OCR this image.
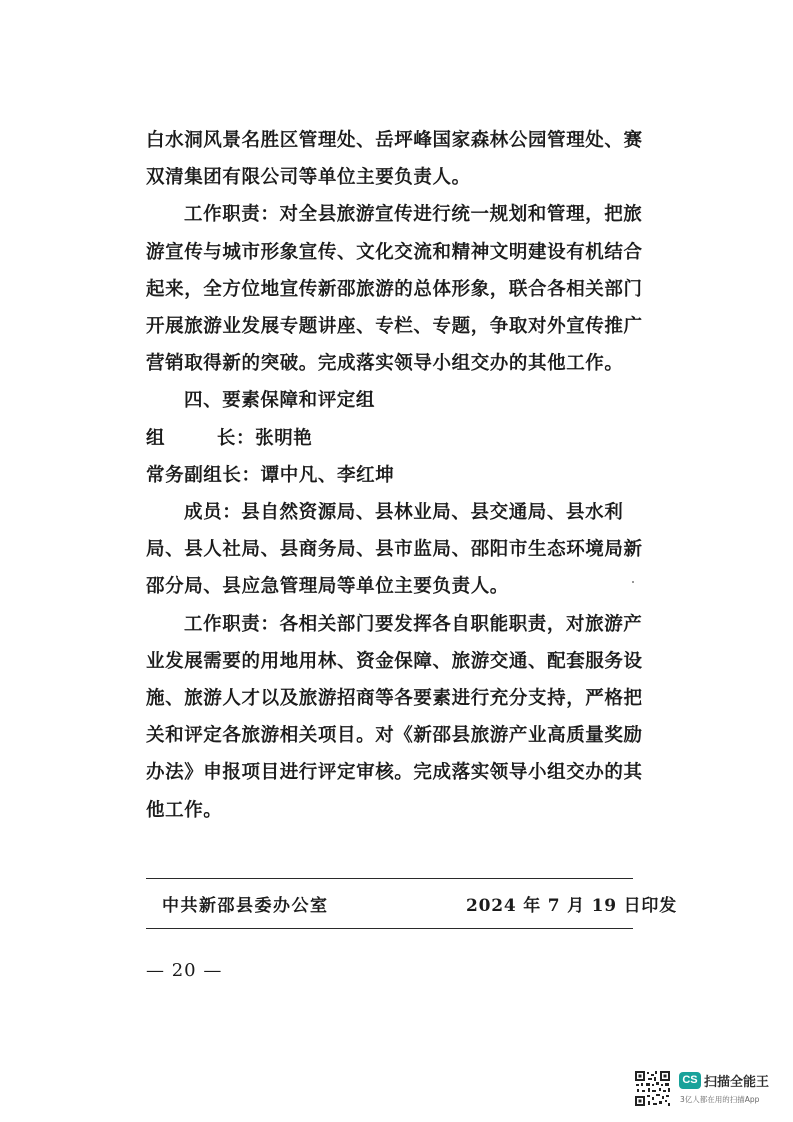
白水洞风景名胜区管理处、岳坪峰国家森林公园管理处、赛双清集团有限公司等单位主要负责人。

工作职责：对全县旅游宣传进行统一规划和管理，把旅游宣传与城市形象宣传、文化交流和精神文明建设有机结合起来，全方位地宣传新邵旅游的总体形象，联合各相关部门开展旅游业发展专题讲座、专栏、专题，争取对外宣传推广营销取得新的突破。完成落实领导小组交办的其他工作。

四、要素保障和评定组

组	长 ： 张明艳

常务副组长 ： 谭中凡、李红坤

成员：县自然资源局、县林业局、县交通局、县水利局、县人社局、县商务局、县市监局、邵阳市生态环境局新邵分局、县应急管理局等单位主要负责人。

工作职责：各相关部门要发挥各自职能职责，对旅游产业发展需要的用地用林、资金保障、旅游交通、配套服务设施、旅游人才以及旅游招商等各要素进行充分支持，严格把关和评定各旅游相关项目。对《新邵县旅游产业高质量奖励办法》申报项目进行评定审核。完成落实领导小组交办的其他工作。

中共新邵县委办公室	2024 年 7 月 19 日印发
— 20 —
CS 扫描全能王
3亿人都在用的扫描App
